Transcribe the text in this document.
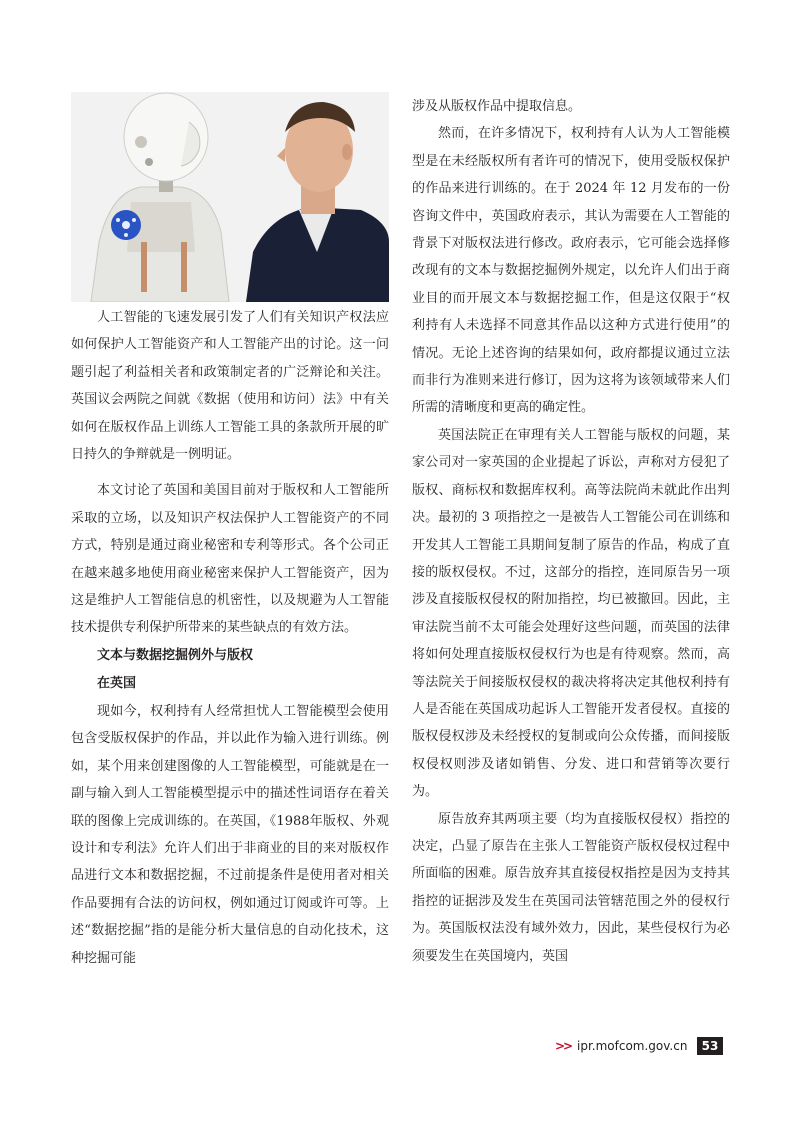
人工智能的飞速发展引发了人们有关知识产权法应如何保护人工智能资产和人工智能产出的讨论。这一问题引起了利益相关者和政策制定者的广泛辩论和关注。英国议会两院之间就《数据（使用和访问）法》中有关如何在版权作品上训练人工智能工具的条款所开展的旷日持久的争辩就是一例明证。

本文讨论了英国和美国目前对于版权和人工智能所采取的立场，以及知识产权法保护人工智能资产的不同方式，特别是通过商业秘密和专利等形式。各个公司正在越来越多地使用商业秘密来保护人工智能资产，因为这是维护人工智能信息的机密性，以及规避为人工智能技术提供专利保护所带来的某些缺点的有效方法。

文本与数据挖掘例外与版权
在英国

现如今，权利持有人经常担忧人工智能模型会使用包含受版权保护的作品，并以此作为输入进行训练。例如，某个用来创建图像的人工智能模型，可能就是在一副与输入到人工智能模型提示中的描述性词语存在着关联的图像上完成训练的。在英国，《1988年版权、外观设计和专利法》允许人们出于非商业的目的来对版权作品进行文本和数据挖掘，不过前提条件是使用者对相关作品要拥有合法的访问权，例如通过订阅或许可等。上述“数据挖掘”指的是能分析大量信息的自动化技术，这种挖掘可能

涉及从版权作品中提取信息。

然而，在许多情况下，权利持有人认为人工智能模型是在未经版权所有者许可的情况下，使用受版权保护的作品来进行训练的。在于 2024 年 12 月发布的一份咨询文件中，英国政府表示，其认为需要在人工智能的背景下对版权法进行修改。政府表示，它可能会选择修改现有的文本与数据挖掘例外规定，以允许人们出于商业目的而开展文本与数据挖掘工作，但是这仅限于“权利持有人未选择不同意其作品以这种方式进行使用”的情况。无论上述咨询的结果如何，政府都提议通过立法而非行为准则来进行修订，因为这将为该领域带来人们所需的清晰度和更高的确定性。

英国法院正在审理有关人工智能与版权的问题，某家公司对一家英国的企业提起了诉讼，声称对方侵犯了版权、商标权和数据库权利。高等法院尚未就此作出判决。最初的 3 项指控之一是被告人工智能公司在训练和开发其人工智能工具期间复制了原告的作品，构成了直接的版权侵权。不过，这部分的指控，连同原告另一项涉及直接版权侵权的附加指控，均已被撤回。因此，主审法院当前不太可能会处理好这些问题，而英国的法律将如何处理直接版权侵权行为也是有待观察。然而，高等法院关于间接版权侵权的裁决将将决定其他权利持有人是否能在英国成功起诉人工智能开发者侵权。直接的版权侵权涉及未经授权的复制或向公众传播，而间接版权侵权则涉及诸如销售、分发、进口和营销等次要行为。

原告放弃其两项主要（均为直接版权侵权）指控的决定，凸显了原告在主张人工智能资产版权侵权过程中所面临的困难。原告放弃其直接侵权指控是因为支持其指控的证据涉及发生在英国司法管辖范围之外的侵权行为。英国版权法没有域外效力，因此，某些侵权行为必须要发生在英国境内，英国

>> ipr.mofcom.gov.cn	53
